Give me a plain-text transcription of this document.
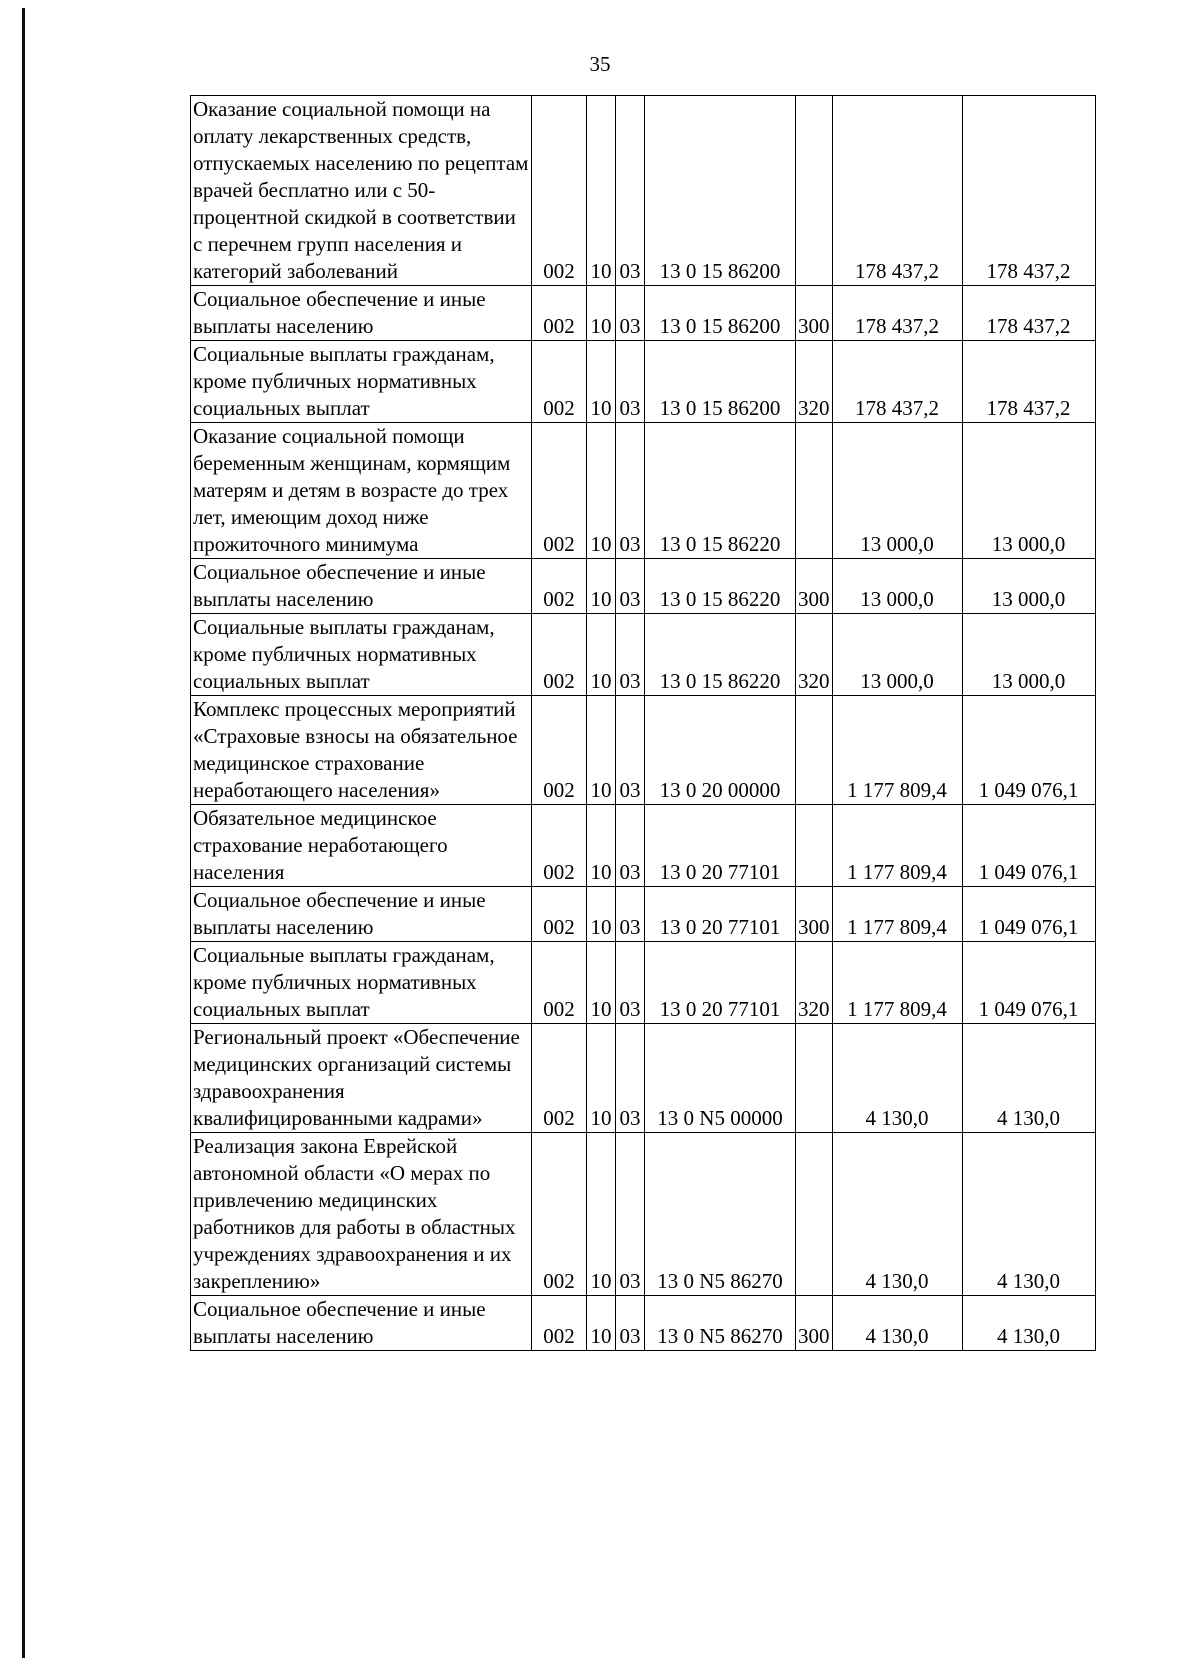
35
Оказание социальной помощи на оплату лекарственных средств, отпускаемых населению по рецептам врачей бесплатно или с 50-процентной скидкой в соответствии с перечнем групп населения и категорий заболеваний	002	10	03	13 0 15 86200		178 437,2	178 437,2
Социальное обеспечение и иные выплаты населению	002	10	03	13 0 15 86200	300	178 437,2	178 437,2
Социальные выплаты гражданам, кроме публичных нормативных социальных выплат	002	10	03	13 0 15 86200	320	178 437,2	178 437,2
Оказание социальной помощи беременным женщинам, кормящим матерям и детям в возрасте до трех лет, имеющим доход ниже прожиточного минимума	002	10	03	13 0 15 86220		13 000,0	13 000,0
Социальное обеспечение и иные выплаты населению	002	10	03	13 0 15 86220	300	13 000,0	13 000,0
Социальные выплаты гражданам, кроме публичных нормативных социальных выплат	002	10	03	13 0 15 86220	320	13 000,0	13 000,0
Комплекс процессных мероприятий «Страховые взносы на обязательное медицинское страхование неработающего населения»	002	10	03	13 0 20 00000		1 177 809,4	1 049 076,1
Обязательное медицинское страхование неработающего населения	002	10	03	13 0 20 77101		1 177 809,4	1 049 076,1
Социальное обеспечение и иные выплаты населению	002	10	03	13 0 20 77101	300	1 177 809,4	1 049 076,1
Социальные выплаты гражданам, кроме публичных нормативных социальных выплат	002	10	03	13 0 20 77101	320	1 177 809,4	1 049 076,1
Региональный проект «Обеспечение медицинских организаций системы здравоохранения квалифицированными кадрами»	002	10	03	13 0 N5 00000		4 130,0	4 130,0
Реализация закона Еврейской автономной области «О мерах по привлечению медицинских работников для работы в областных учреждениях здравоохранения и их закреплению»	002	10	03	13 0 N5 86270		4 130,0	4 130,0
Социальное обеспечение и иные выплаты населению	002	10	03	13 0 N5 86270	300	4 130,0	4 130,0
